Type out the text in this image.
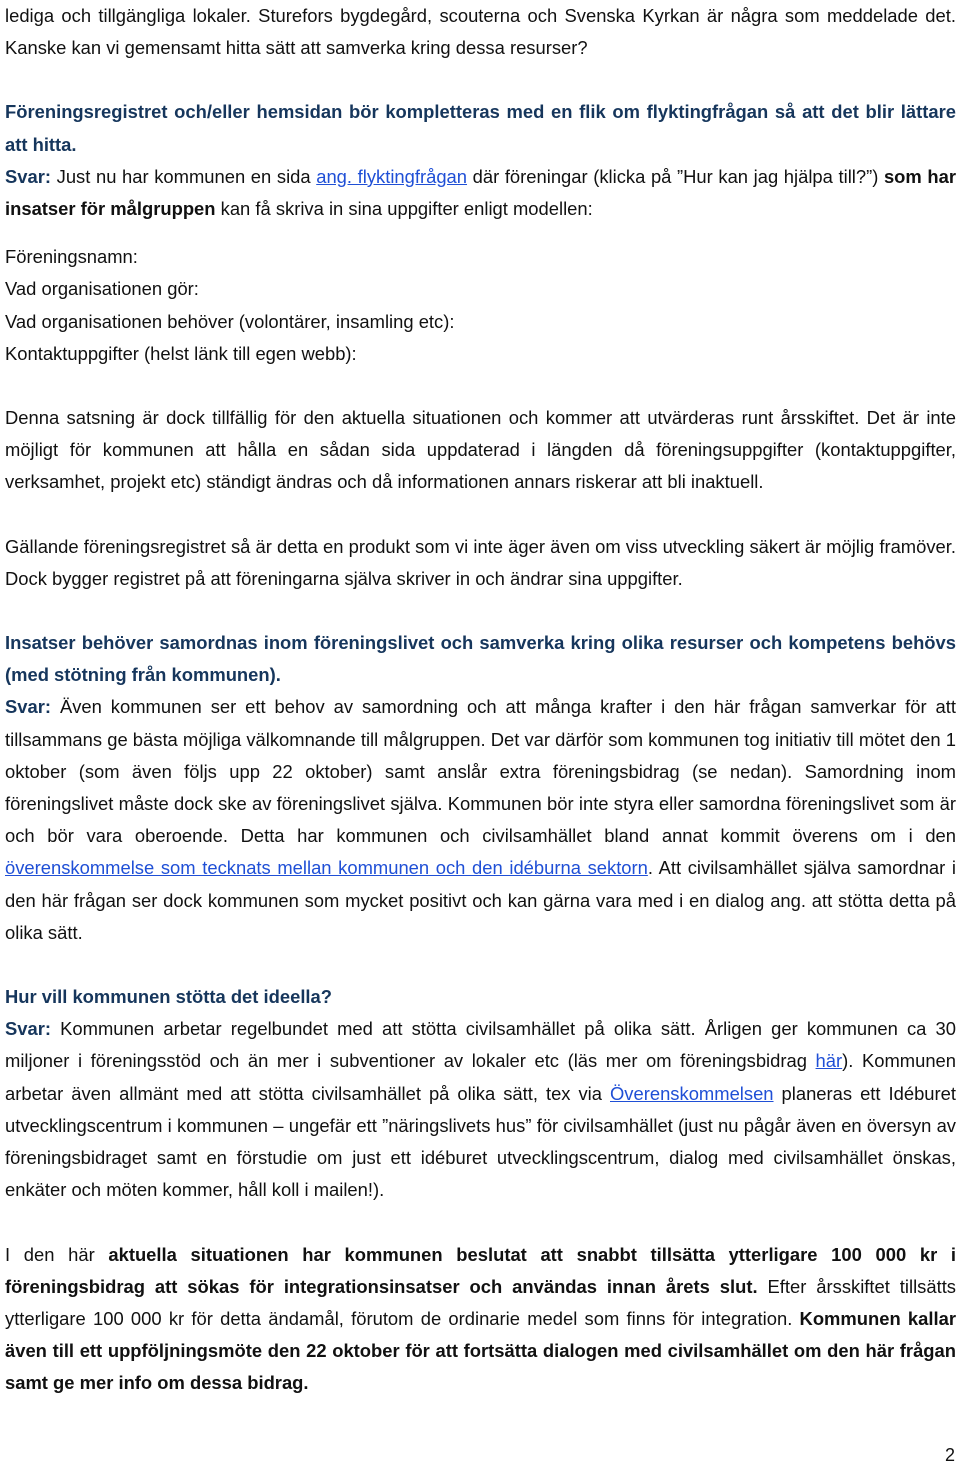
lediga och tillgängliga lokaler. Sturefors bygdegård, scouterna och Svenska Kyrkan är några som meddelade det. Kanske kan vi gemensamt hitta sätt att samverka kring dessa resurser?

Föreningsregistret och/eller hemsidan bör kompletteras med en flik om flyktingfrågan så att det blir lättare att hitta.

Svar: Just nu har kommunen en sida ang. flyktingfrågan där föreningar (klicka på ”Hur kan jag hjälpa till?”) som har insatser för målgruppen kan få skriva in sina uppgifter enligt modellen:

Föreningsnamn:

Vad organisationen gör:

Vad organisationen behöver (volontärer, insamling etc):

Kontaktuppgifter (helst länk till egen webb):

Denna satsning är dock tillfällig för den aktuella situationen och kommer att utvärderas runt årsskiftet. Det är inte möjligt för kommunen att hålla en sådan sida uppdaterad i längden då föreningsuppgifter (kontaktuppgifter, verksamhet, projekt etc) ständigt ändras och då informationen annars riskerar att bli inaktuell.

Gällande föreningsregistret så är detta en produkt som vi inte äger även om viss utveckling säkert är möjlig framöver. Dock bygger registret på att föreningarna själva skriver in och ändrar sina uppgifter.

Insatser behöver samordnas inom föreningslivet och samverka kring olika resurser och kompetens behövs (med stötning från kommunen).

Svar: Även kommunen ser ett behov av samordning och att många krafter i den här frågan samverkar för att tillsammans ge bästa möjliga välkomnande till målgruppen. Det var därför som kommunen tog initiativ till mötet den 1 oktober (som även följs upp 22 oktober) samt anslår extra föreningsbidrag (se nedan). Samordning inom föreningslivet måste dock ske av föreningslivet själva. Kommunen bör inte styra eller samordna föreningslivet som är och bör vara oberoende. Detta har kommunen och civilsamhället bland annat kommit överens om i den överenskommelse som tecknats mellan kommunen och den idéburna sektorn. Att civilsamhället själva samordnar i den här frågan ser dock kommunen som mycket positivt och kan gärna vara med i en dialog ang. att stötta detta på olika sätt.

Hur vill kommunen stötta det ideella?

Svar: Kommunen arbetar regelbundet med att stötta civilsamhället på olika sätt. Årligen ger kommunen ca 30 miljoner i föreningsstöd och än mer i subventioner av lokaler etc (läs mer om föreningsbidrag här). Kommunen arbetar även allmänt med att stötta civilsamhället på olika sätt, tex via Överenskommelsen planeras ett Idéburet utvecklingscentrum i kommunen – ungefär ett ”näringslivets hus” för civilsamhället (just nu pågår även en översyn av föreningsbidraget samt en förstudie om just ett idéburet utvecklingscentrum, dialog med civilsamhället önskas, enkäter och möten kommer, håll koll i mailen!).

I den här aktuella situationen har kommunen beslutat att snabbt tillsätta ytterligare 100 000 kr i föreningsbidrag att sökas för integrationsinsatser och användas innan årets slut. Efter årsskiftet tillsätts ytterligare 100 000 kr för detta ändamål, förutom de ordinarie medel som finns för integration. Kommunen kallar även till ett uppföljningsmöte den 22 oktober för att fortsätta dialogen med civilsamhället om den här frågan samt ge mer info om dessa bidrag.

2
